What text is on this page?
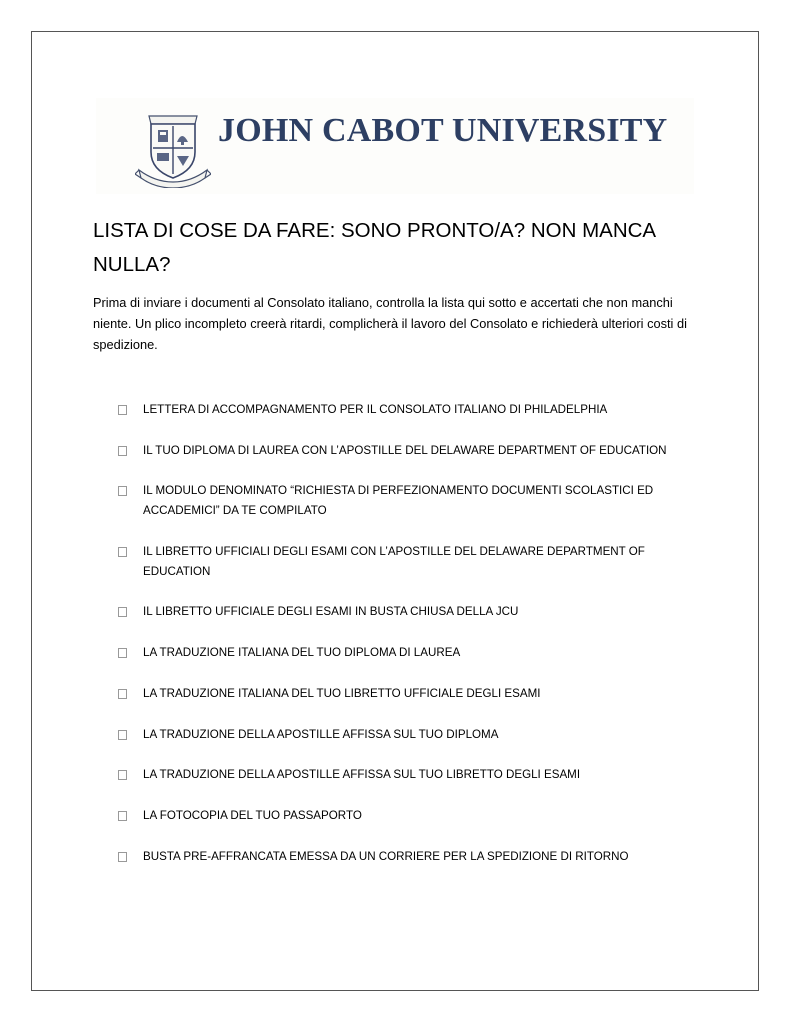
JOHN CABOT UNIVERSITY
LISTA DI COSE DA FARE: SONO PRONTO/A? NON MANCA NULLA?

Prima di inviare i documenti al Consolato italiano, controlla la lista qui sotto e accertati che non manchi niente. Un plico incompleto creerà ritardi, complicherà il lavoro del Consolato e richiederà ulteriori costi di spedizione.

LETTERA DI ACCOMPAGNAMENTO PER IL CONSOLATO ITALIANO DI PHILADELPHIA
IL TUO DIPLOMA DI LAUREA CON L’APOSTILLE DEL DELAWARE DEPARTMENT OF EDUCATION
IL MODULO DENOMINATO “RICHIESTA DI PERFEZIONAMENTO DOCUMENTI SCOLASTICI ED ACCADEMICI” DA TE COMPILATO
IL LIBRETTO UFFICIALI DEGLI ESAMI CON L’APOSTILLE DEL DELAWARE DEPARTMENT OF EDUCATION
IL LIBRETTO UFFICIALE DEGLI ESAMI IN BUSTA CHIUSA DELLA JCU
LA TRADUZIONE ITALIANA DEL TUO DIPLOMA DI LAUREA
LA TRADUZIONE ITALIANA DEL TUO LIBRETTO UFFICIALE DEGLI ESAMI
LA TRADUZIONE DELLA APOSTILLE AFFISSA SUL TUO DIPLOMA
LA TRADUZIONE DELLA APOSTILLE AFFISSA SUL TUO LIBRETTO DEGLI ESAMI
LA FOTOCOPIA DEL TUO PASSAPORTO
BUSTA PRE-AFFRANCATA EMESSA DA UN CORRIERE PER LA SPEDIZIONE DI RITORNO
